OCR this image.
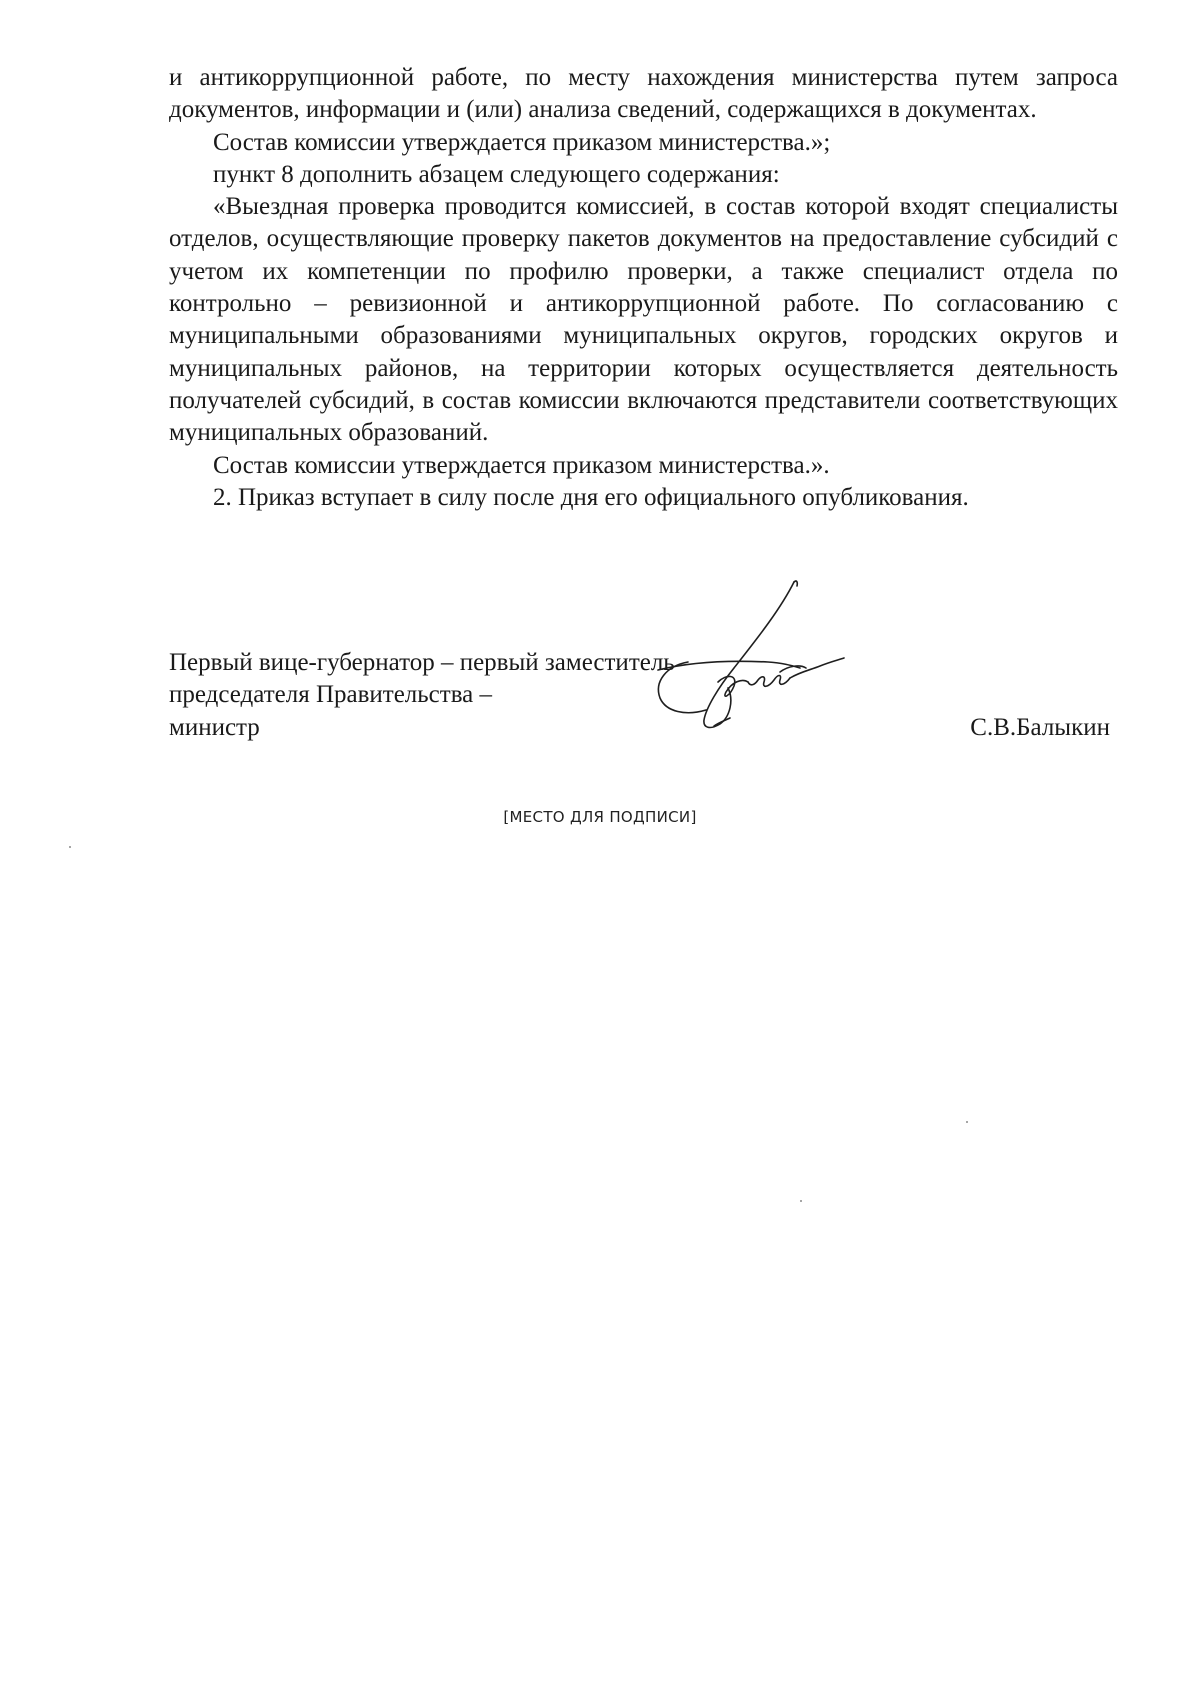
и антикоррупционной работе, по месту нахождения министерства путем запроса документов, информации и (или) анализа сведений, содержащихся в документах.

Состав комиссии утверждается приказом министерства.»;

пункт 8 дополнить абзацем следующего содержания:

«Выездная проверка проводится комиссией, в состав которой входят специалисты отделов, осуществляющие проверку пакетов документов на предоставление субсидий с учетом их компетенции по профилю проверки, а также специалист отдела по контрольно – ревизионной и антикоррупционной работе. По согласованию с муниципальными образованиями муниципальных округов, городских округов и муниципальных районов, на территории которых осуществляется деятельность получателей субсидий, в состав комиссии включаются представители соответствующих муниципальных образований.

Состав комиссии утверждается приказом министерства.».

2. Приказ вступает в силу после дня его официального опубликования.

Первый вице-губернатор – первый заместитель
председателя Правительства –
министр	С.В.Балыкин
[МЕСТО ДЛЯ ПОДПИСИ]
